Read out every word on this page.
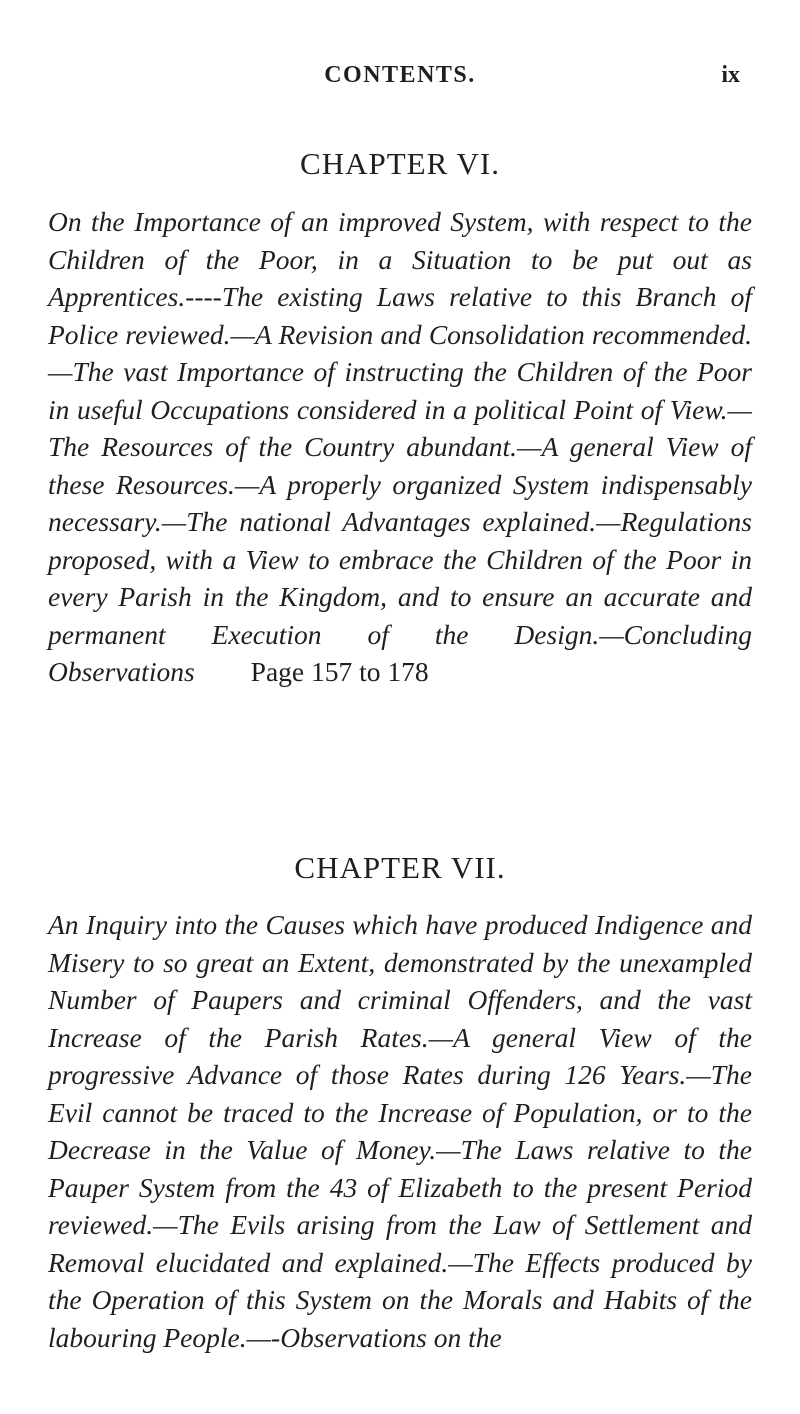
CONTENTS.	ix
CHAPTER VI.
On the Importance of an improved System, with respect to the Children of the Poor, in a Situation to be put out as Apprentices.----The existing Laws relative to this Branch of Police reviewed.—A Revision and Consolidation recommended.—The vast Importance of instructing the Children of the Poor in useful Occupations considered in a political Point of View.—The Resources of the Country abundant.—A general View of these Resources.—A properly organized System indispensably necessary.—The national Advantages explained.—Regulations proposed, with a View to embrace the Children of the Poor in every Parish in the Kingdom, and to ensure an accurate and permanent Execution of the Design.—Concluding Observations Page 157 to 178
CHAPTER VII.
An Inquiry into the Causes which have produced Indigence and Misery to so great an Extent, demonstrated by the unexampled Number of Paupers and criminal Offenders, and the vast Increase of the Parish Rates.—A general View of the progressive Advance of those Rates during 126 Years.—The Evil cannot be traced to the Increase of Population, or to the Decrease in the Value of Money.—The Laws relative to the Pauper System from the 43 of Elizabeth to the present Period reviewed.—The Evils arising from the Law of Settlement and Removal elucidated and explained.—The Effects produced by the Operation of this System on the Morals and Habits of the labouring People.—-Observations on the
